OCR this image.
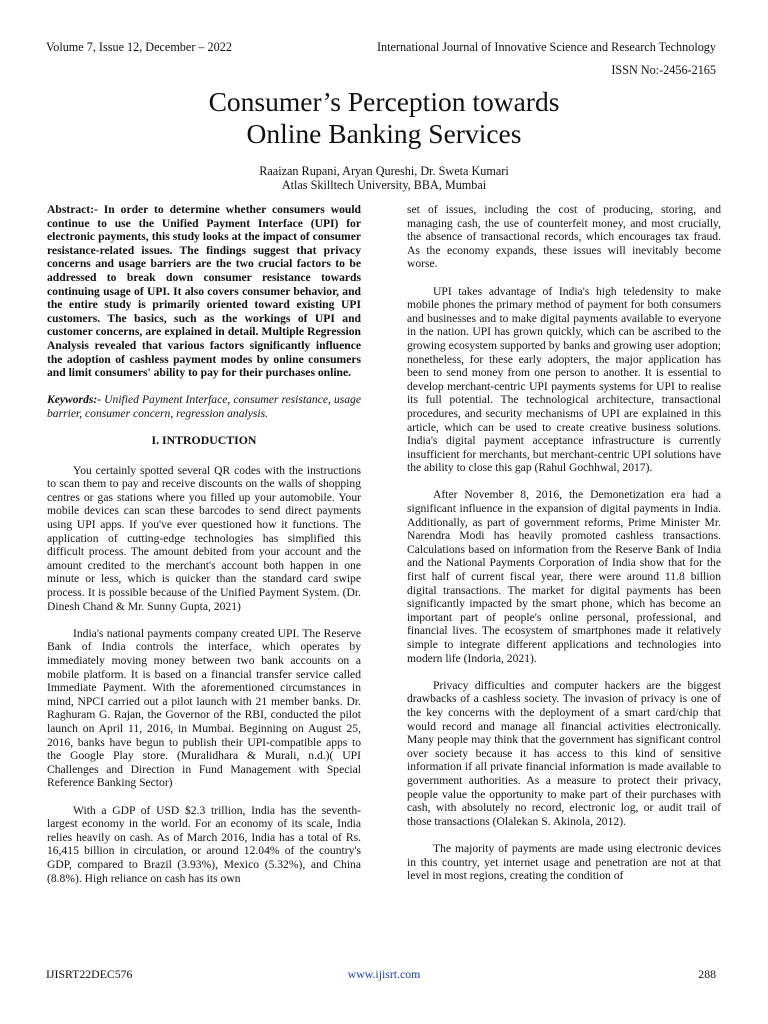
Volume 7, Issue 12, December – 2022	International Journal of Innovative Science and Research Technology
ISSN No:-2456-2165
Consumer’s Perception towards
Online Banking Services
Raaizan Rupani, Aryan Qureshi, Dr. Sweta Kumari
Atlas Skilltech University, BBA, Mumbai

Abstract:- In order to determine whether consumers would continue to use the Unified Payment Interface (UPI) for electronic payments, this study looks at the impact of consumer resistance-related issues. The findings suggest that privacy concerns and usage barriers are the two crucial factors to be addressed to break down consumer resistance towards continuing usage of UPI. It also covers consumer behavior, and the entire study is primarily oriented toward existing UPI customers. The basics, such as the workings of UPI and customer concerns, are explained in detail. Multiple Regression Analysis revealed that various factors significantly influence the adoption of cashless payment modes by online consumers and limit consumers' ability to pay for their purchases online.

Keywords:- Unified Payment Interface, consumer resistance, usage barrier, consumer concern, regression analysis.

I. INTRODUCTION

You certainly spotted several QR codes with the instructions to scan them to pay and receive discounts on the walls of shopping centres or gas stations where you filled up your automobile. Your mobile devices can scan these barcodes to send direct payments using UPI apps. If you've ever questioned how it functions. The application of cutting-edge technologies has simplified this difficult process. The amount debited from your account and the amount credited to the merchant's account both happen in one minute or less, which is quicker than the standard card swipe process. It is possible because of the Unified Payment System. (Dr. Dinesh Chand & Mr. Sunny Gupta, 2021)

India's national payments company created UPI. The Reserve Bank of India controls the interface, which operates by immediately moving money between two bank accounts on a mobile platform. It is based on a financial transfer service called Immediate Payment. With the aforementioned circumstances in mind, NPCI carried out a pilot launch with 21 member banks. Dr. Raghuram G. Rajan, the Governor of the RBI, conducted the pilot launch on April 11, 2016, in Mumbai. Beginning on August 25, 2016, banks have begun to publish their UPI-compatible apps to the Google Play store. (Muralidhara & Murali, n.d.)( UPI Challenges and Direction in Fund Management with Special Reference Banking Sector)

With a GDP of USD $2.3 trillion, India has the seventh-largest economy in the world. For an economy of its scale, India relies heavily on cash. As of March 2016, India has a total of Rs. 16,415 billion in circulation, or around 12.04% of the country's GDP, compared to Brazil (3.93%), Mexico (5.32%), and China (8.8%). High reliance on cash has its own

set of issues, including the cost of producing, storing, and managing cash, the use of counterfeit money, and most crucially, the absence of transactional records, which encourages tax fraud. As the economy expands, these issues will inevitably become worse.

UPI takes advantage of India's high teledensity to make mobile phones the primary method of payment for both consumers and businesses and to make digital payments available to everyone in the nation. UPI has grown quickly, which can be ascribed to the growing ecosystem supported by banks and growing user adoption; nonetheless, for these early adopters, the major application has been to send money from one person to another. It is essential to develop merchant-centric UPI payments systems for UPI to realise its full potential. The technological architecture, transactional procedures, and security mechanisms of UPI are explained in this article, which can be used to create creative business solutions. India's digital payment acceptance infrastructure is currently insufficient for merchants, but merchant-centric UPI solutions have the ability to close this gap (Rahul Gochhwal, 2017).

After November 8, 2016, the Demonetization era had a significant influence in the expansion of digital payments in India. Additionally, as part of government reforms, Prime Minister Mr. Narendra Modi has heavily promoted cashless transactions. Calculations based on information from the Reserve Bank of India and the National Payments Corporation of India show that for the first half of current fiscal year, there were around 11.8 billion digital transactions. The market for digital payments has been significantly impacted by the smart phone, which has become an important part of people's online personal, professional, and financial lives. The ecosystem of smartphones made it relatively simple to integrate different applications and technologies into modern life (Indoria, 2021).

Privacy difficulties and computer hackers are the biggest drawbacks of a cashless society. The invasion of privacy is one of the key concerns with the deployment of a smart card/chip that would record and manage all financial activities electronically. Many people may think that the government has significant control over society because it has access to this kind of sensitive information if all private financial information is made available to government authorities. As a measure to protect their privacy, people value the opportunity to make part of their purchases with cash, with absolutely no record, electronic log, or audit trail of those transactions (Olalekan S. Akinola, 2012).

The majority of payments are made using electronic devices in this country, yet internet usage and penetration are not at that level in most regions, creating the condition of

IJISRT22DEC576	www.ijisrt.com	288
